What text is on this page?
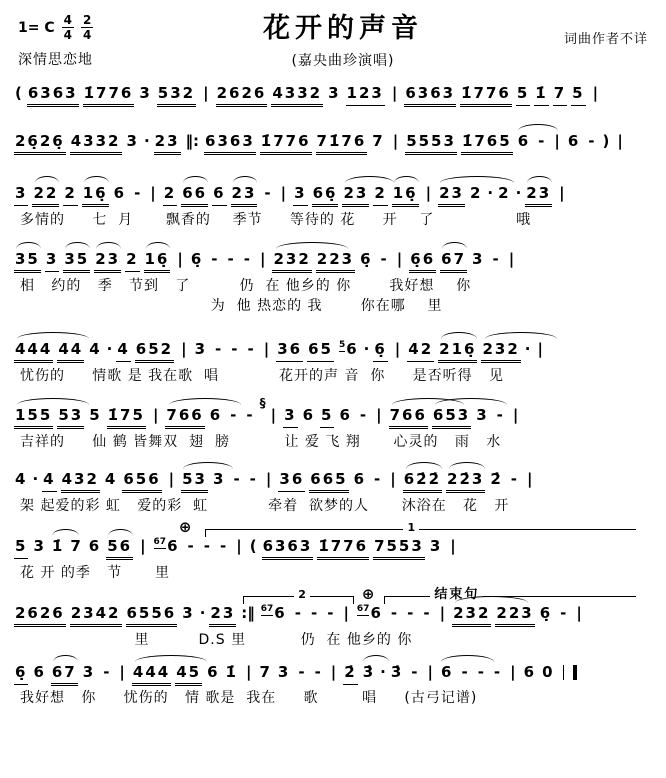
1= C $\frac{4}{4} \frac{2}{4}$
深情思恋地
花开的声音
(嘉央曲珍演唱)
词曲作者不详
( 6363 1̇776 3 532 | 2626 4332 3 123 | 6363 1̇776 5 1̇ 7 5 |
26̣26̣ 4332 3 · 23 ‖: 6363 1̇776 71̇76 7 | 5553 1̇765 6 - | 6 - ) |
3 22 2 16̣ 6 - | 2 66 6 23 - | 3 66̣ 23 2 16̣ | 23 2 · 2 · 23 |
多情的     七  月      飘香的    季节     等待的 花     开    了               哦
35 3 35 23 2 16̣ | 6̣ - - - | 232 223 6̣ - | 6̣6 67 3 - |
相   约的   季   节到   了         仍  在 他乡的 你       我好想    你
为  他 热恋的 我       你在哪    里
444 44 4 · 4 652 | 3 - - - | 36 65 $^5$6 · 6̣ | 42 216̣ 232 · |
忧伤的     情歌 是 我在歌  唱           花开的声 音  你     是否听得   见
155 53 5 1̇75 | 766 6 - -
§
| 3 6 5 6 - | 766 653 3 - |
吉祥的     仙 鹤 皆舞双  翅  膀          让 爱 飞 翔      心灵的   雨   水
4 · 4 432 4 656 | 53 3 - - | 36 665 6 - | 62̇2̇ 22̇3 2̇ - |
架 起爱的彩 虹   爱的彩  虹           牵着  欲梦的人      沐浴在   花   开
⊕	1
5 3 1̇ 7 6 56 | $^{67}$6 - - - | ( 6363 1̇776 7553 3 |
花 开 的季   节      里
2	⊕	结束句
2626 2342 6556 3 · 23 :‖ $^{67}$6 - - - | $^{67}$6 - - - | 232 223 6̣ - |
里         D.S 里          仍  在 他乡的 你
6̣ 6 67 3 - | 444 45 6 1̇ | 7 3 - - | 2̇ 3̇ · 3̇ - | 6 - - - | 6 0
我好想   你     忧伤的   情 歌是  我在     歌        唱     (古弓记谱)
